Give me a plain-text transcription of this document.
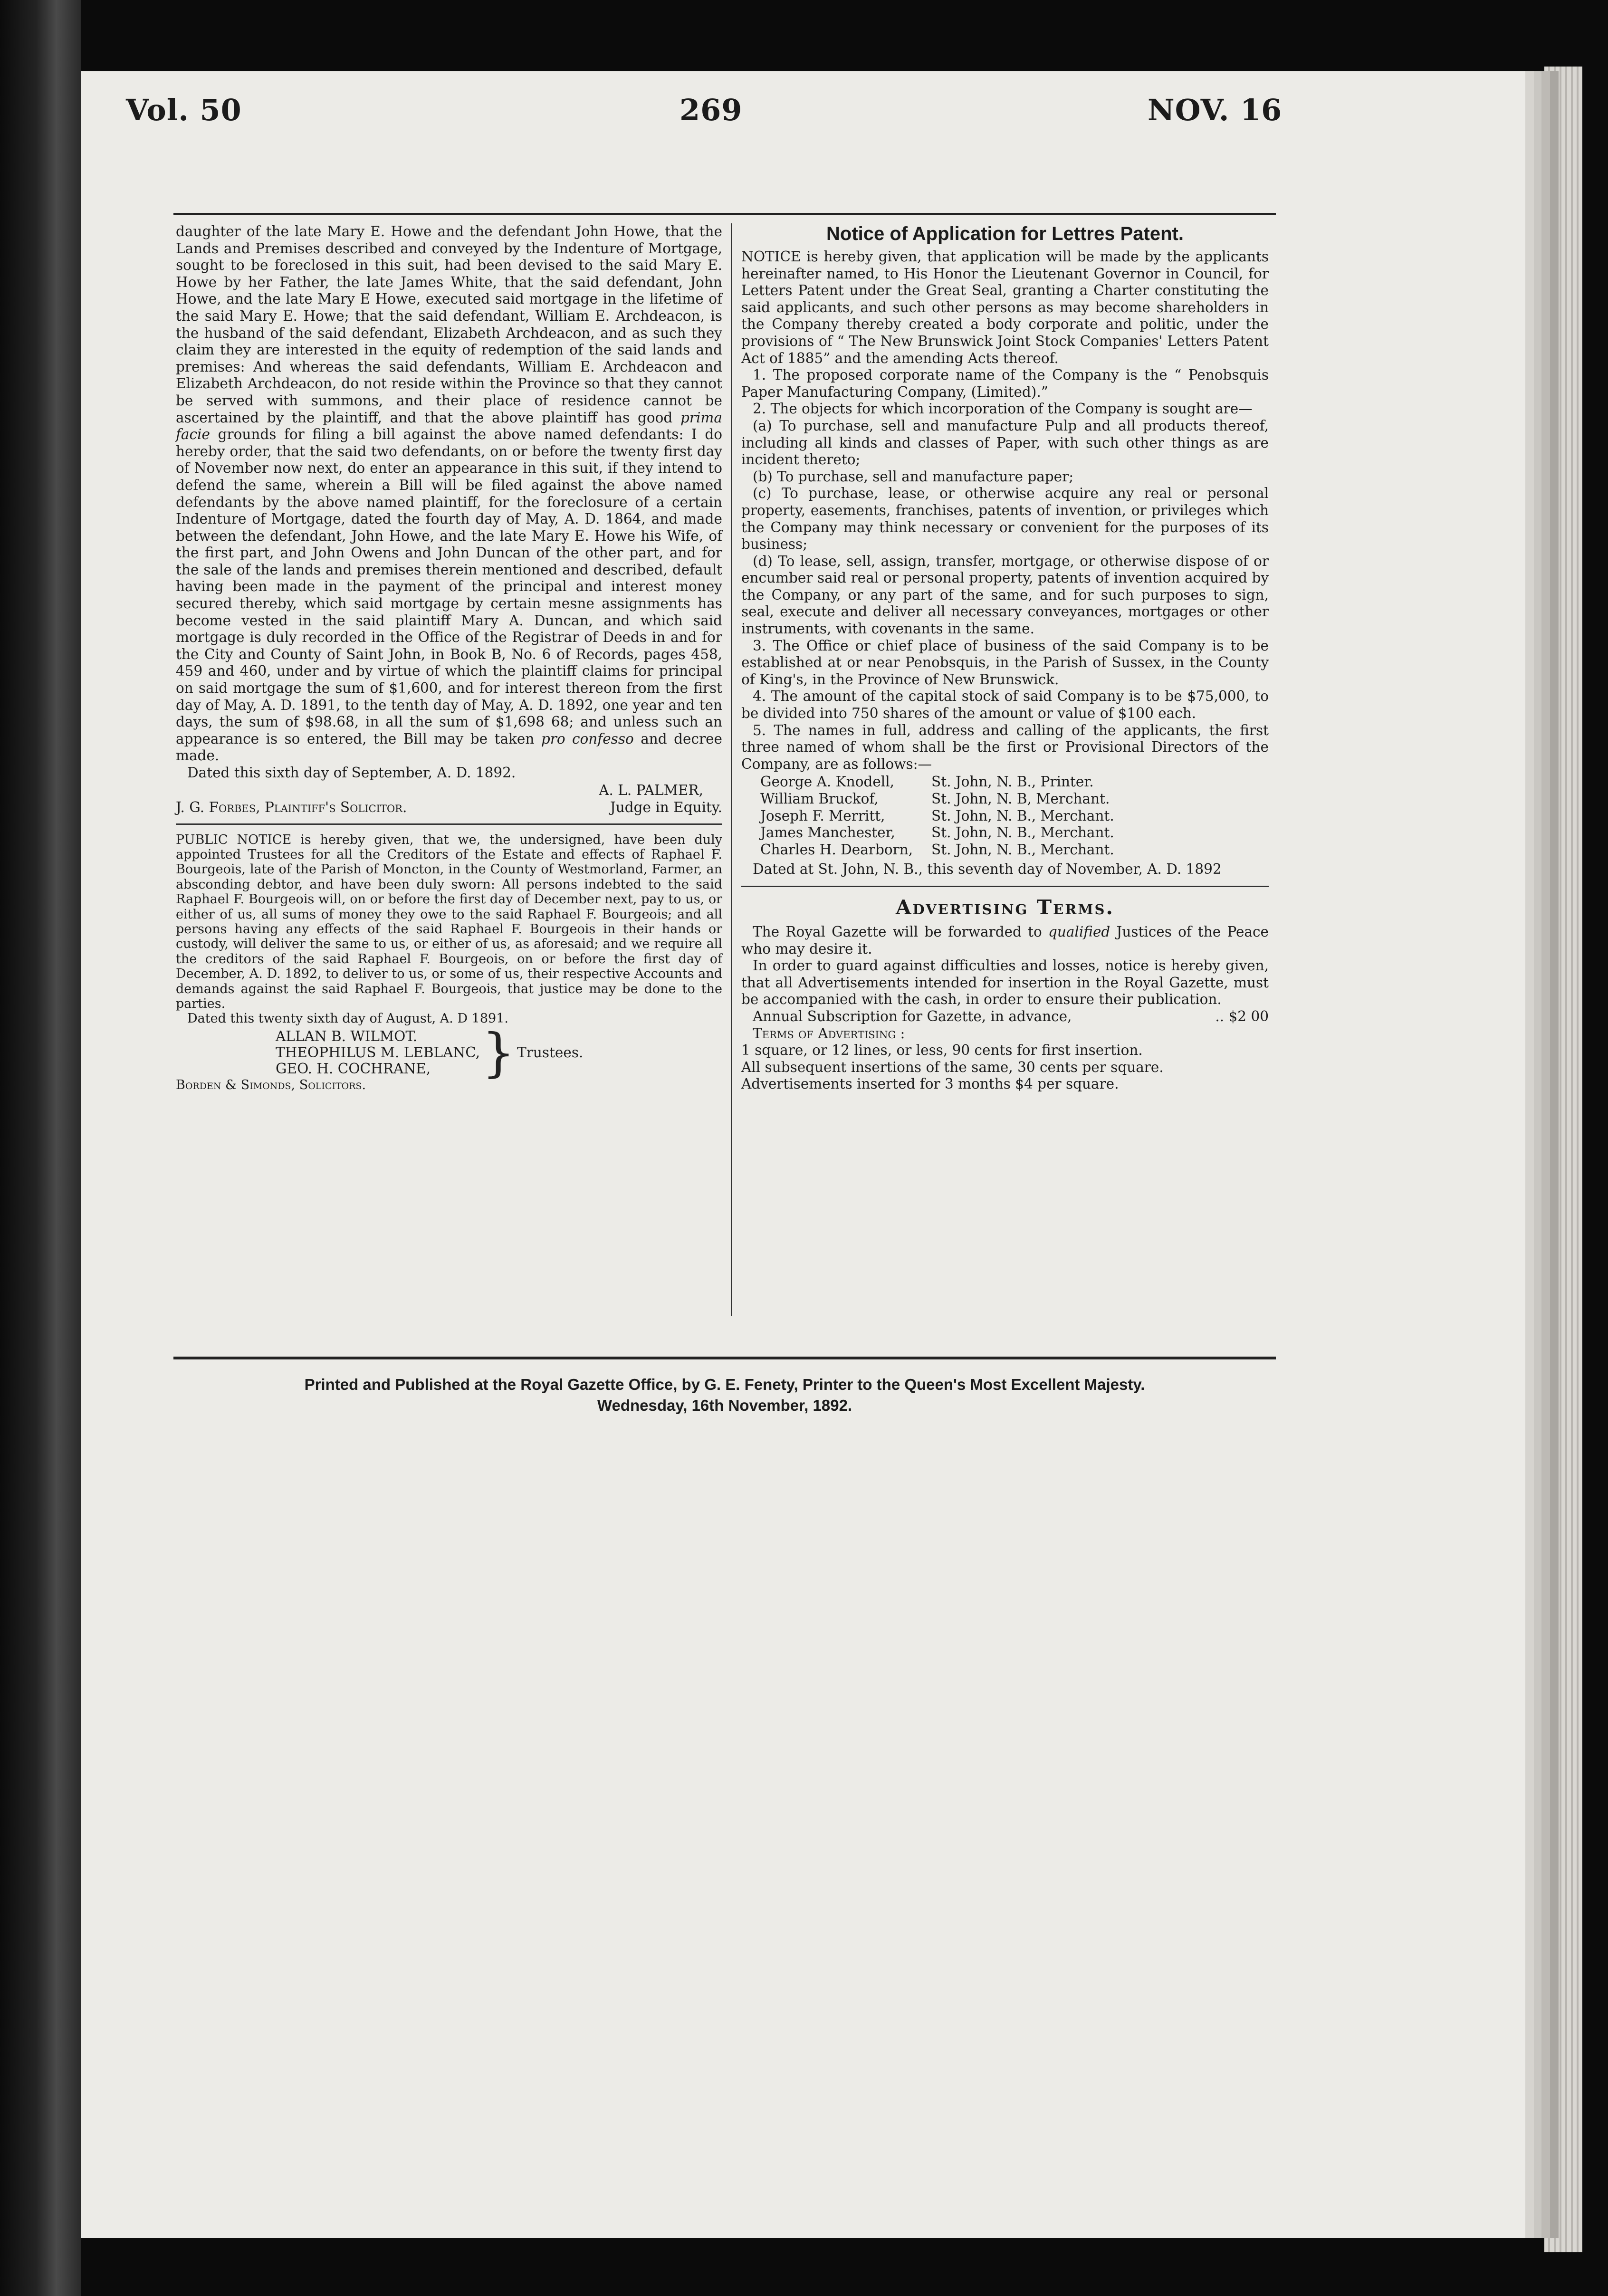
Vol. 50	269	NOV. 16

daughter of the late Mary E. Howe and the defendant John Howe, that the Lands and Premises described and conveyed by the Indenture of Mortgage, sought to be foreclosed in this suit, had been devised to the said Mary E. Howe by her Father, the late James White, that the said defendant, John Howe, and the late Mary E Howe, executed said mortgage in the lifetime of the said Mary E. Howe; that the said defendant, William E. Archdeacon, is the husband of the said defendant, Elizabeth Archdeacon, and as such they claim they are interested in the equity of redemption of the said lands and premises: And whereas the said defendants, William E. Archdeacon and Elizabeth Archdeacon, do not reside within the Province so that they cannot be served with summons, and their place of residence cannot be ascertained by the plaintiff, and that the above plaintiff has good prima facie grounds for filing a bill against the above named defendants: I do hereby order, that the said two defendants, on or before the twenty first day of November now next, do enter an appearance in this suit, if they intend to defend the same, wherein a Bill will be filed against the above named defendants by the above named plaintiff, for the foreclosure of a certain Indenture of Mortgage, dated the fourth day of May, A. D. 1864, and made between the defendant, John Howe, and the late Mary E. Howe his Wife, of the first part, and John Owens and John Duncan of the other part, and for the sale of the lands and premises therein mentioned and described, default having been made in the payment of the principal and interest money secured thereby, which said mortgage by certain mesne assignments has become vested in the said plaintiff Mary A. Duncan, and which said mortgage is duly recorded in the Office of the Registrar of Deeds in and for the City and County of Saint John, in Book B, No. 6 of Records, pages 458, 459 and 460, under and by virtue of which the plaintiff claims for principal on said mortgage the sum of $1,600, and for interest thereon from the first day of May, A. D. 1891, to the tenth day of May, A. D. 1892, one year and ten days, the sum of $98.68, in all the sum of $1,698 68; and unless such an appearance is so entered, the Bill may be taken pro confesso and decree made.

Dated this sixth day of September, A. D. 1892.

A. L. PALMER,
J. G. Forbes, Plaintiff's Solicitor.	Judge in Equity.

PUBLIC NOTICE is hereby given, that we, the undersigned, have been duly appointed Trustees for all the Creditors of the Estate and effects of Raphael F. Bourgeois, late of the Parish of Moncton, in the County of Westmorland, Farmer, an absconding debtor, and have been duly sworn: All persons indebted to the said Raphael F. Bourgeois will, on or before the first day of December next, pay to us, or either of us, all sums of money they owe to the said Raphael F. Bourgeois; and all persons having any effects of the said Raphael F. Bourgeois in their hands or custody, will deliver the same to us, or either of us, as aforesaid; and we require all the creditors of the said Raphael F. Bourgeois, on or before the first day of December, A. D. 1892, to deliver to us, or some of us, their respective Accounts and demands against the said Raphael F. Bourgeois, that justice may be done to the parties.

Dated this twenty sixth day of August, A. D 1891.

ALLAN B. WILMOT.
THEOPHILUS M. LEBLANC,
GEO. H. COCHRANE, } Trustees.

Borden & Simonds, Solicitors.

Notice of Application for Lettres Patent.

NOTICE is hereby given, that application will be made by the applicants hereinafter named, to His Honor the Lieutenant Governor in Council, for Letters Patent under the Great Seal, granting a Charter constituting the said applicants, and such other persons as may become shareholders in the Company thereby created a body corporate and politic, under the provisions of “ The New Brunswick Joint Stock Companies' Letters Patent Act of 1885” and the amending Acts thereof.

1. The proposed corporate name of the Company is the “ Penobsquis Paper Manufacturing Company, (Limited).”

2. The objects for which incorporation of the Company is sought are—

(a) To purchase, sell and manufacture Pulp and all products thereof, including all kinds and classes of Paper, with such other things as are incident thereto;

(b) To purchase, sell and manufacture paper;

(c) To purchase, lease, or otherwise acquire any real or personal property, easements, franchises, patents of invention, or privileges which the Company may think necessary or convenient for the purposes of its business;

(d) To lease, sell, assign, transfer, mortgage, or otherwise dispose of or encumber said real or personal property, patents of invention acquired by the Company, or any part of the same, and for such purposes to sign, seal, execute and deliver all necessary conveyances, mortgages or other instruments, with covenants in the same.

3. The Office or chief place of business of the said Company is to be established at or near Penobsquis, in the Parish of Sussex, in the County of King's, in the Province of New Brunswick.

4. The amount of the capital stock of said Company is to be $75,000, to be divided into 750 shares of the amount or value of $100 each.

5. The names in full, address and calling of the applicants, the first three named of whom shall be the first or Provisional Directors of the Company, are as follows:—

George A. Knodell,	St. John, N. B., Printer.
William Bruckof,	St. John, N. B, Merchant.
Joseph F. Merritt,	St. John, N. B., Merchant.
James Manchester,	St. John, N. B., Merchant.
Charles H. Dearborn,	St. John, N. B., Merchant.

Dated at St. John, N. B., this seventh day of November, A. D. 1892

Advertising Terms.

The Royal Gazette will be forwarded to qualified Justices of the Peace who may desire it.

In order to guard against difficulties and losses, notice is hereby given, that all Advertisements intended for insertion in the Royal Gazette, must be accompanied with the cash, in order to ensure their publication.

Annual Subscription for Gazette, in advance,	.. $2 00

Terms of Advertising :

1 square, or 12 lines, or less, 90 cents for first insertion.

All subsequent insertions of the same, 30 cents per square.

Advertisements inserted for 3 months $4 per square.

Printed and Published at the Royal Gazette Office, by G. E. Fenety, Printer to the Queen's Most Excellent Majesty.
Wednesday, 16th November, 1892.
